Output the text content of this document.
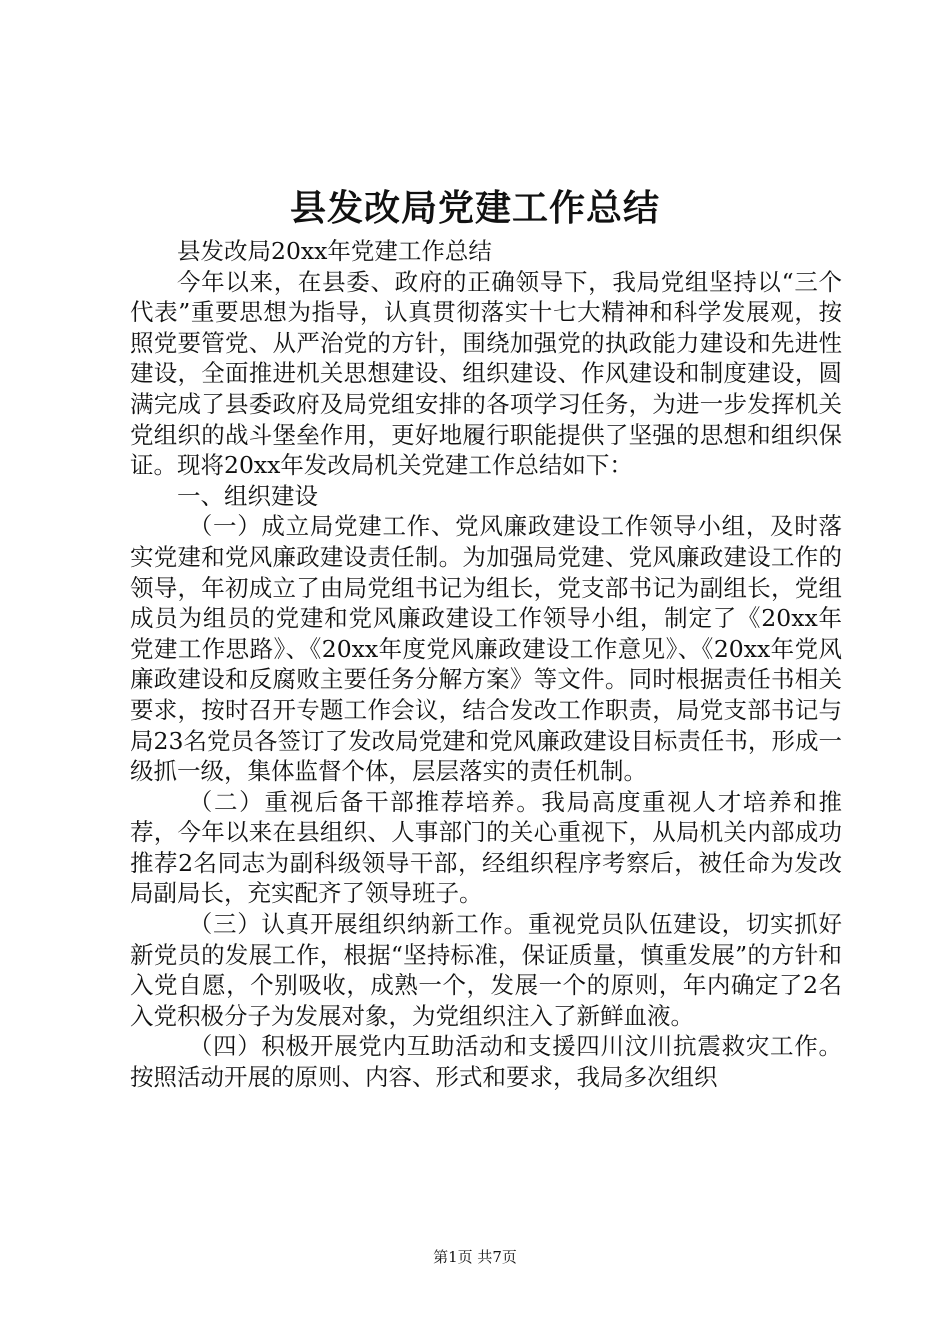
县发改局党建工作总结

县发改局20xx年党建工作总结

今年以来，在县委、政府的正确领导下，我局党组坚持以“三个代表”重要思想为指导，认真贯彻落实十七大精神和科学发展观，按照党要管党、从严治党的方针，围绕加强党的执政能力建设和先进性建设，全面推进机关思想建设、组织建设、作风建设和制度建设，圆满完成了县委政府及局党组安排的各项学习任务，为进一步发挥机关党组织的战斗堡垒作用，更好地履行职能提供了坚强的思想和组织保证。现将20xx年发改局机关党建工作总结如下：

一、组织建设

（一）成立局党建工作、党风廉政建设工作领导小组，及时落实党建和党风廉政建设责任制。为加强局党建、党风廉政建设工作的领导，年初成立了由局党组书记为组长，党支部书记为副组长，党组成员为组员的党建和党风廉政建设工作领导小组，制定了《20xx年党建工作思路》、《20xx年度党风廉政建设工作意见》、《20xx年党风廉政建设和反腐败主要任务分解方案》等文件。同时根据责任书相关要求，按时召开专题工作会议，结合发改工作职责，局党支部书记与局23名党员各签订了发改局党建和党风廉政建设目标责任书，形成一级抓一级，集体监督个体，层层落实的责任机制。

（二）重视后备干部推荐培养。我局高度重视人才培养和推荐，今年以来在县组织、人事部门的关心重视下，从局机关内部成功推荐2名同志为副科级领导干部，经组织程序考察后，被任命为发改局副局长，充实配齐了领导班子。

（三）认真开展组织纳新工作。重视党员队伍建设，切实抓好新党员的发展工作，根据“坚持标准，保证质量，慎重发展”的方针和入党自愿，个别吸收，成熟一个，发展一个的原则，年内确定了2名入党积极分子为发展对象，为党组织注入了新鲜血液。

（四）积极开展党内互助活动和支援四川汶川抗震救灾工作。按照活动开展的原则、内容、形式和要求，我局多次组织

第1页 共7页
